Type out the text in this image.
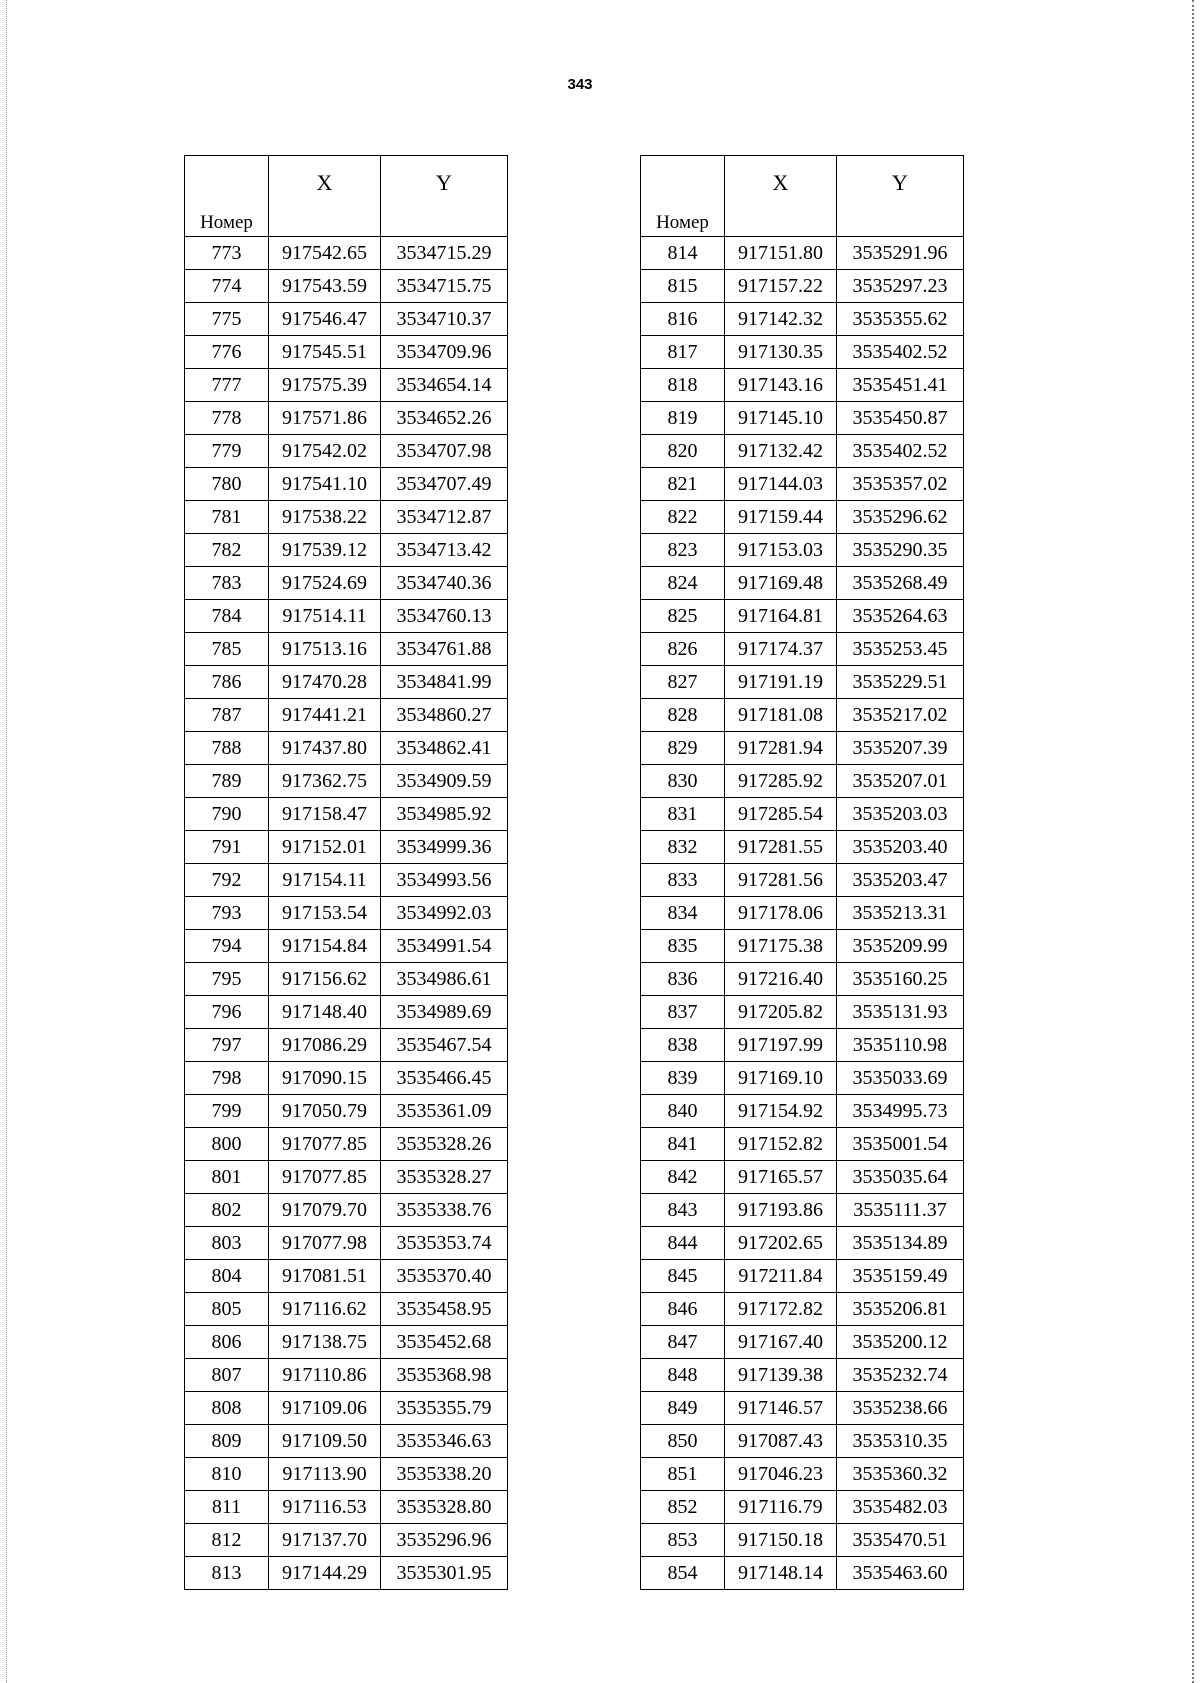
343
Номер	X	Y
773	917542.65	3534715.29
774	917543.59	3534715.75
775	917546.47	3534710.37
776	917545.51	3534709.96
777	917575.39	3534654.14
778	917571.86	3534652.26
779	917542.02	3534707.98
780	917541.10	3534707.49
781	917538.22	3534712.87
782	917539.12	3534713.42
783	917524.69	3534740.36
784	917514.11	3534760.13
785	917513.16	3534761.88
786	917470.28	3534841.99
787	917441.21	3534860.27
788	917437.80	3534862.41
789	917362.75	3534909.59
790	917158.47	3534985.92
791	917152.01	3534999.36
792	917154.11	3534993.56
793	917153.54	3534992.03
794	917154.84	3534991.54
795	917156.62	3534986.61
796	917148.40	3534989.69
797	917086.29	3535467.54
798	917090.15	3535466.45
799	917050.79	3535361.09
800	917077.85	3535328.26
801	917077.85	3535328.27
802	917079.70	3535338.76
803	917077.98	3535353.74
804	917081.51	3535370.40
805	917116.62	3535458.95
806	917138.75	3535452.68
807	917110.86	3535368.98
808	917109.06	3535355.79
809	917109.50	3535346.63
810	917113.90	3535338.20
811	917116.53	3535328.80
812	917137.70	3535296.96
813	917144.29	3535301.95
Номер	X	Y
814	917151.80	3535291.96
815	917157.22	3535297.23
816	917142.32	3535355.62
817	917130.35	3535402.52
818	917143.16	3535451.41
819	917145.10	3535450.87
820	917132.42	3535402.52
821	917144.03	3535357.02
822	917159.44	3535296.62
823	917153.03	3535290.35
824	917169.48	3535268.49
825	917164.81	3535264.63
826	917174.37	3535253.45
827	917191.19	3535229.51
828	917181.08	3535217.02
829	917281.94	3535207.39
830	917285.92	3535207.01
831	917285.54	3535203.03
832	917281.55	3535203.40
833	917281.56	3535203.47
834	917178.06	3535213.31
835	917175.38	3535209.99
836	917216.40	3535160.25
837	917205.82	3535131.93
838	917197.99	3535110.98
839	917169.10	3535033.69
840	917154.92	3534995.73
841	917152.82	3535001.54
842	917165.57	3535035.64
843	917193.86	3535111.37
844	917202.65	3535134.89
845	917211.84	3535159.49
846	917172.82	3535206.81
847	917167.40	3535200.12
848	917139.38	3535232.74
849	917146.57	3535238.66
850	917087.43	3535310.35
851	917046.23	3535360.32
852	917116.79	3535482.03
853	917150.18	3535470.51
854	917148.14	3535463.60
